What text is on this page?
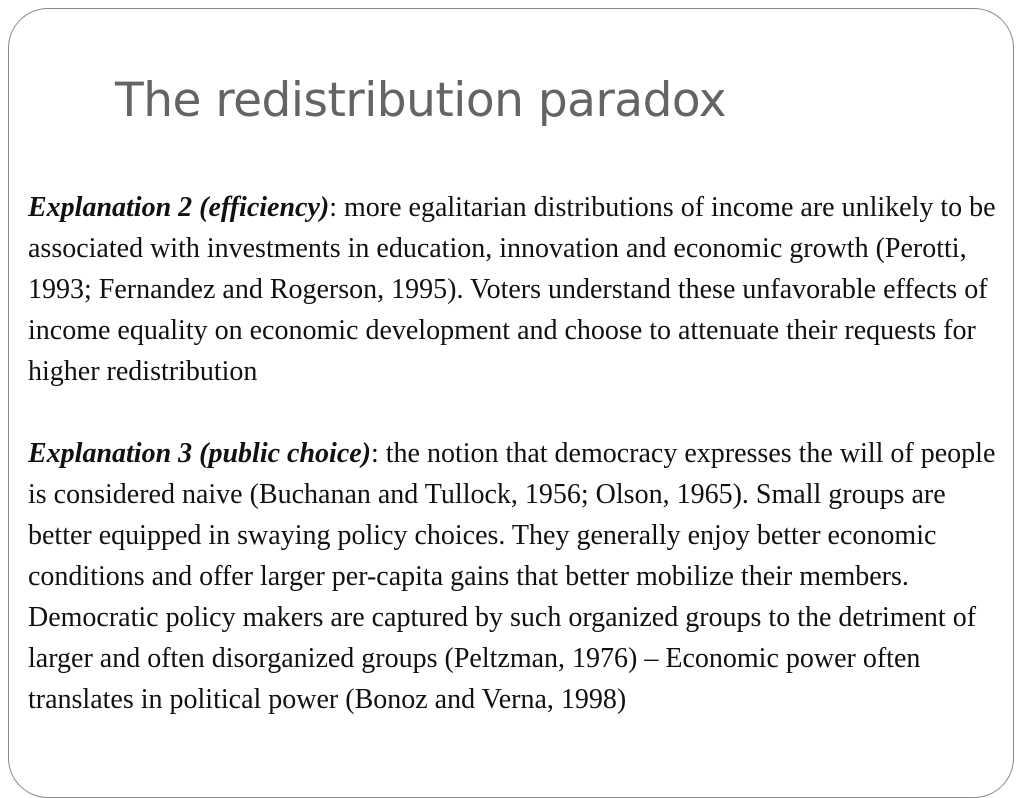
The redistribution paradox

Explanation 2 (efficiency): more egalitarian distributions of income are unlikely to be associated with investments in education, innovation and economic growth (Perotti, 1993; Fernandez and Rogerson, 1995). Voters understand these unfavorable effects of income equality on economic development and choose to attenuate their requests for higher redistribution

Explanation 3 (public choice): the notion that democracy expresses the will of people is considered naive (Buchanan and Tullock, 1956; Olson, 1965). Small groups are better equipped in swaying policy choices. They generally enjoy better economic conditions and offer larger per-capita gains that better mobilize their members. Democratic policy makers are captured by such organized groups to the detriment of larger and often disorganized groups (Peltzman, 1976) – Economic power often translates in political power (Bonoz and Verna, 1998)
